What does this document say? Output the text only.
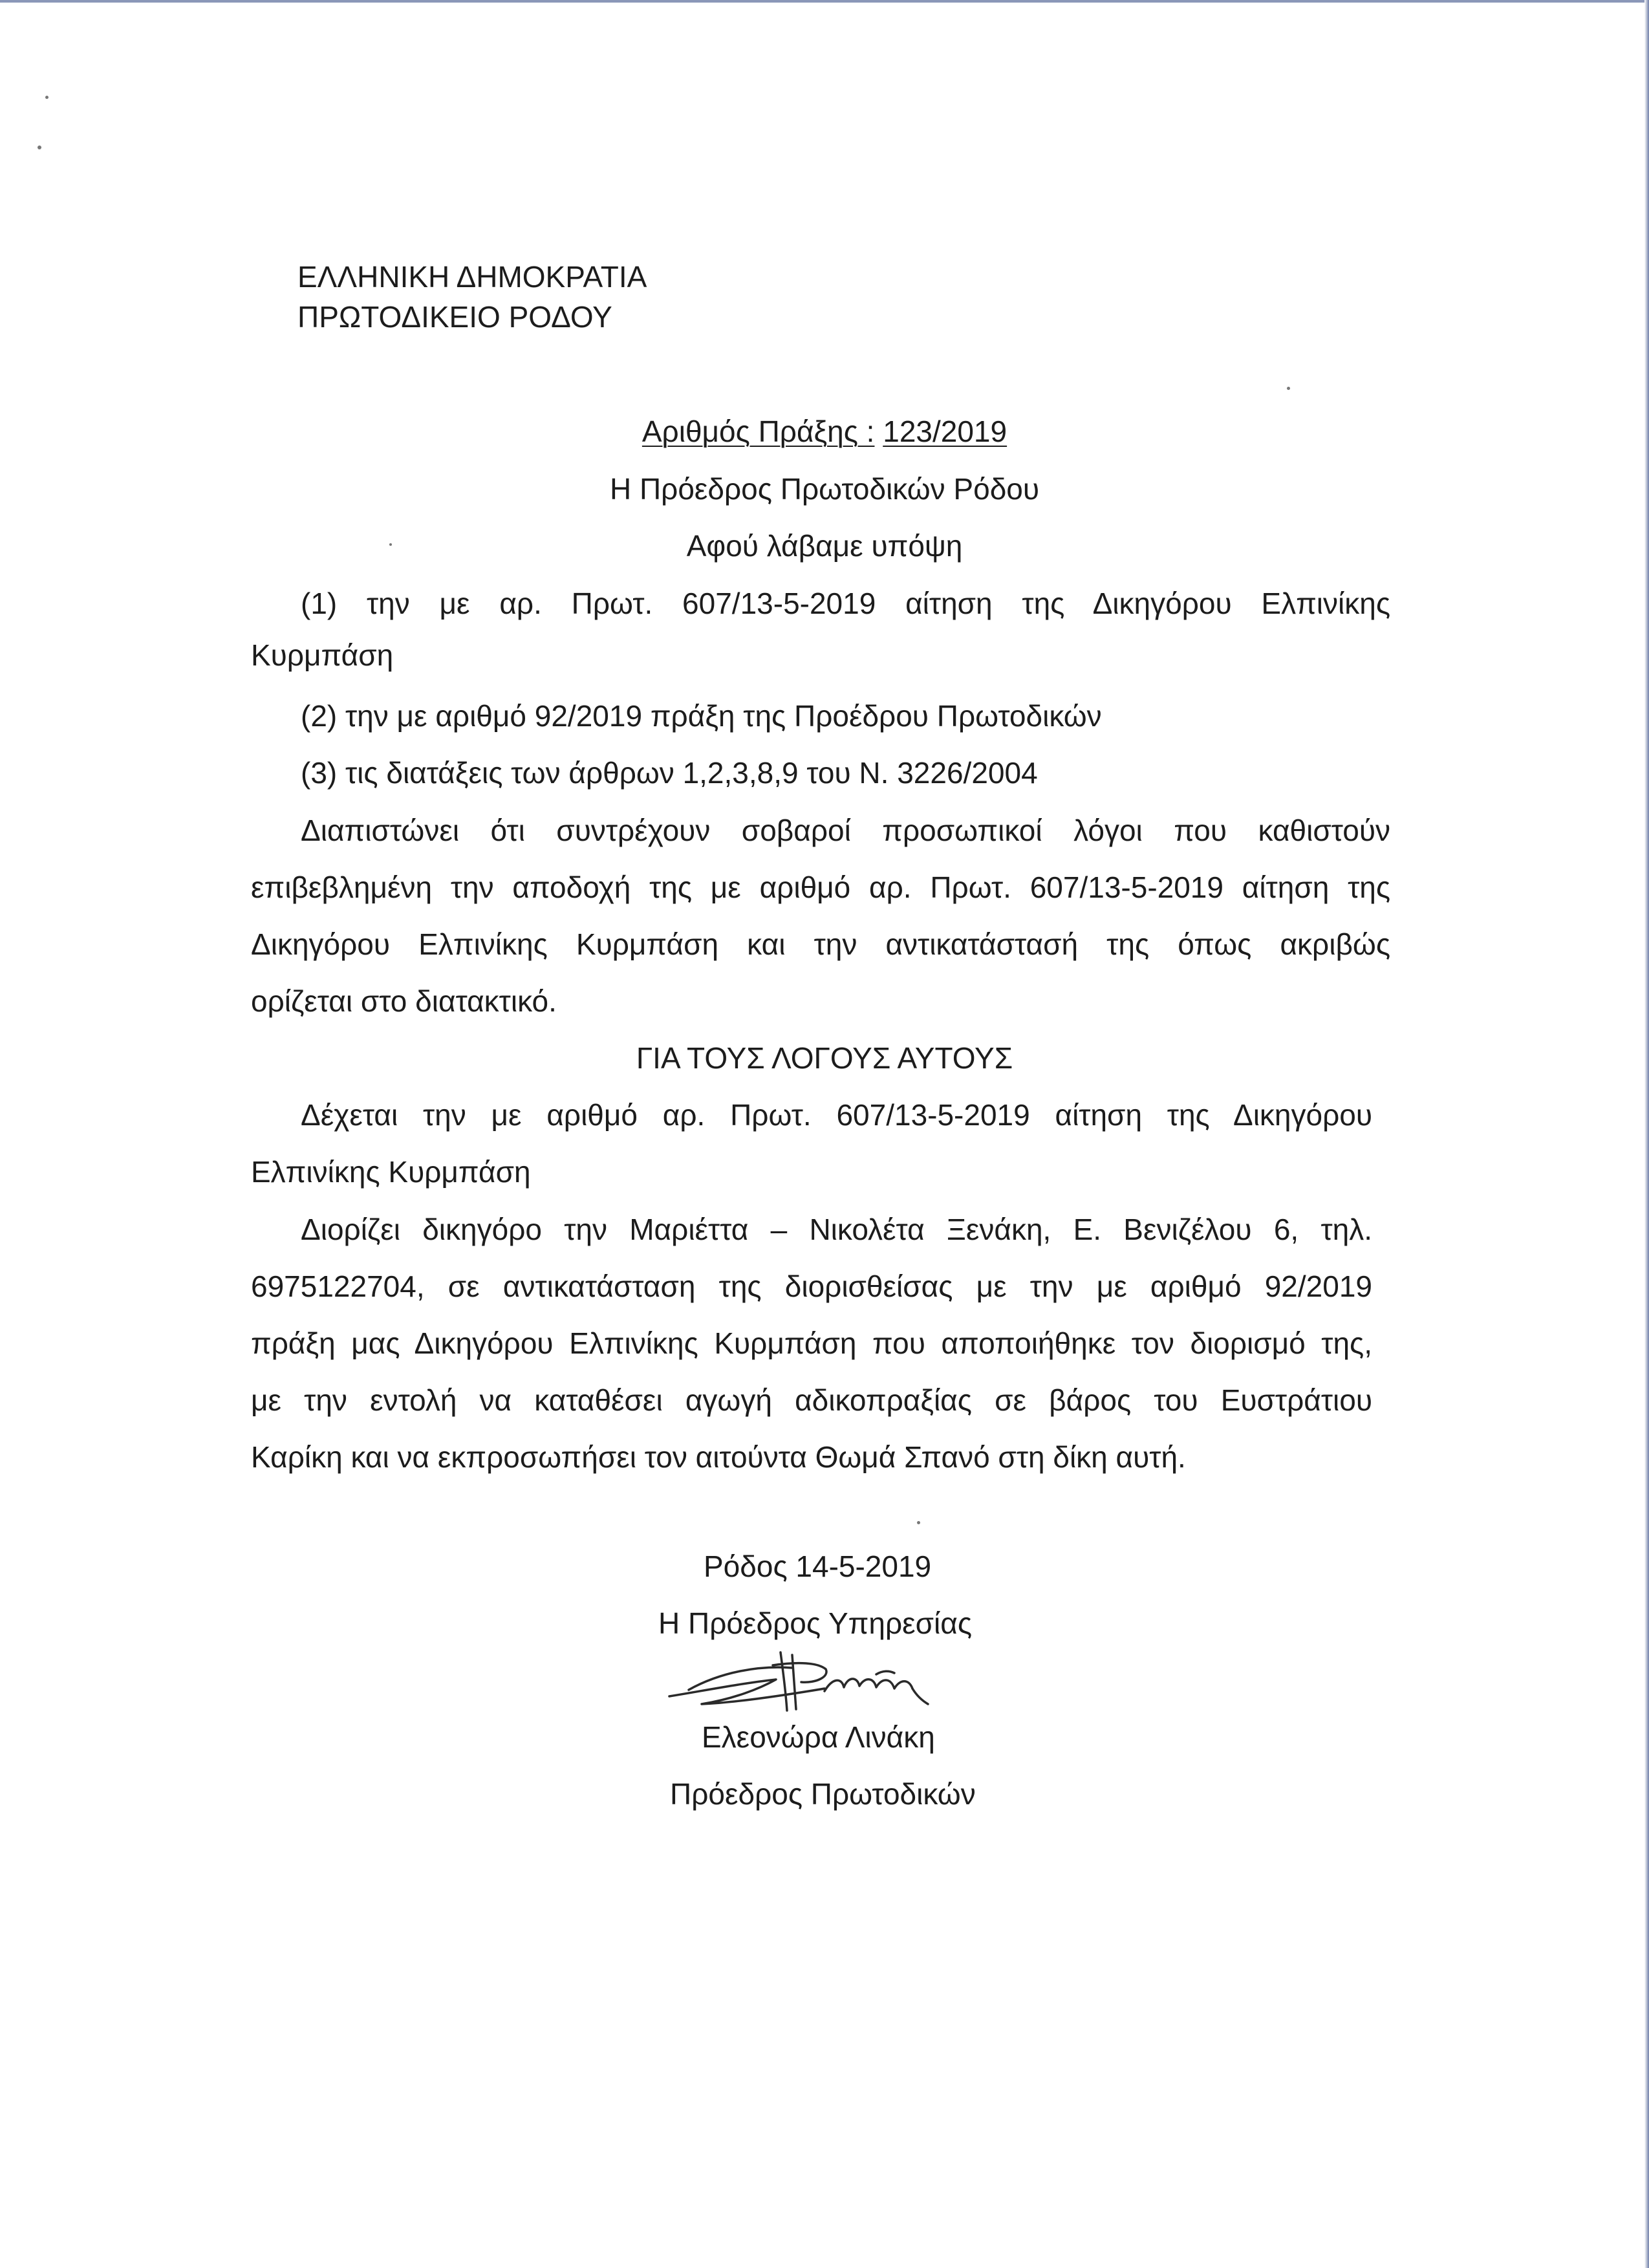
ΕΛΛΗΝΙΚΗ ΔΗΜΟΚΡΑΤΙΑ
ΠΡΩΤΟΔΙΚΕΙΟ ΡΟΔΟΥ
Αριθμός Πράξης : 123/2019
Η Πρόεδρος Πρωτοδικών Ρόδου
Αφού λάβαμε υπόψη
(1) την με αρ. Πρωτ. 607/13-5-2019 αίτηση της Δικηγόρου Ελπινίκης
Κυρμπάση
(2) την με αριθμό 92/2019 πράξη της Προέδρου Πρωτοδικών
(3) τις διατάξεις των άρθρων 1,2,3,8,9 του Ν. 3226/2004
Διαπιστώνει ότι συντρέχουν σοβαροί προσωπικοί λόγοι που καθιστούν
επιβεβλημένη την αποδοχή της με αριθμό αρ. Πρωτ. 607/13-5-2019 αίτηση της
Δικηγόρου Ελπινίκης Κυρμπάση και την αντικατάστασή της όπως ακριβώς
ορίζεται στο διατακτικό.
ΓΙΑ ΤΟΥΣ ΛΟΓΟΥΣ ΑΥΤΟΥΣ
Δέχεται την με αριθμό αρ. Πρωτ. 607/13-5-2019 αίτηση της Δικηγόρου
Ελπινίκης Κυρμπάση
Διορίζει δικηγόρο την Μαριέττα – Νικολέτα Ξενάκη, Ε. Βενιζέλου 6, τηλ.
6975122704, σε αντικατάσταση της διορισθείσας με την με αριθμό 92/2019
πράξη μας Δικηγόρου Ελπινίκης Κυρμπάση που αποποιήθηκε τον διορισμό της,
με την εντολή να καταθέσει αγωγή αδικοπραξίας σε βάρος του Ευστράτιου
Καρίκη και να εκπροσωπήσει τον αιτούντα Θωμά Σπανό στη δίκη αυτή.
Ρόδος 14-5-2019
Η Πρόεδρος Υπηρεσίας
Ελεονώρα Λινάκη
Πρόεδρος Πρωτοδικών
